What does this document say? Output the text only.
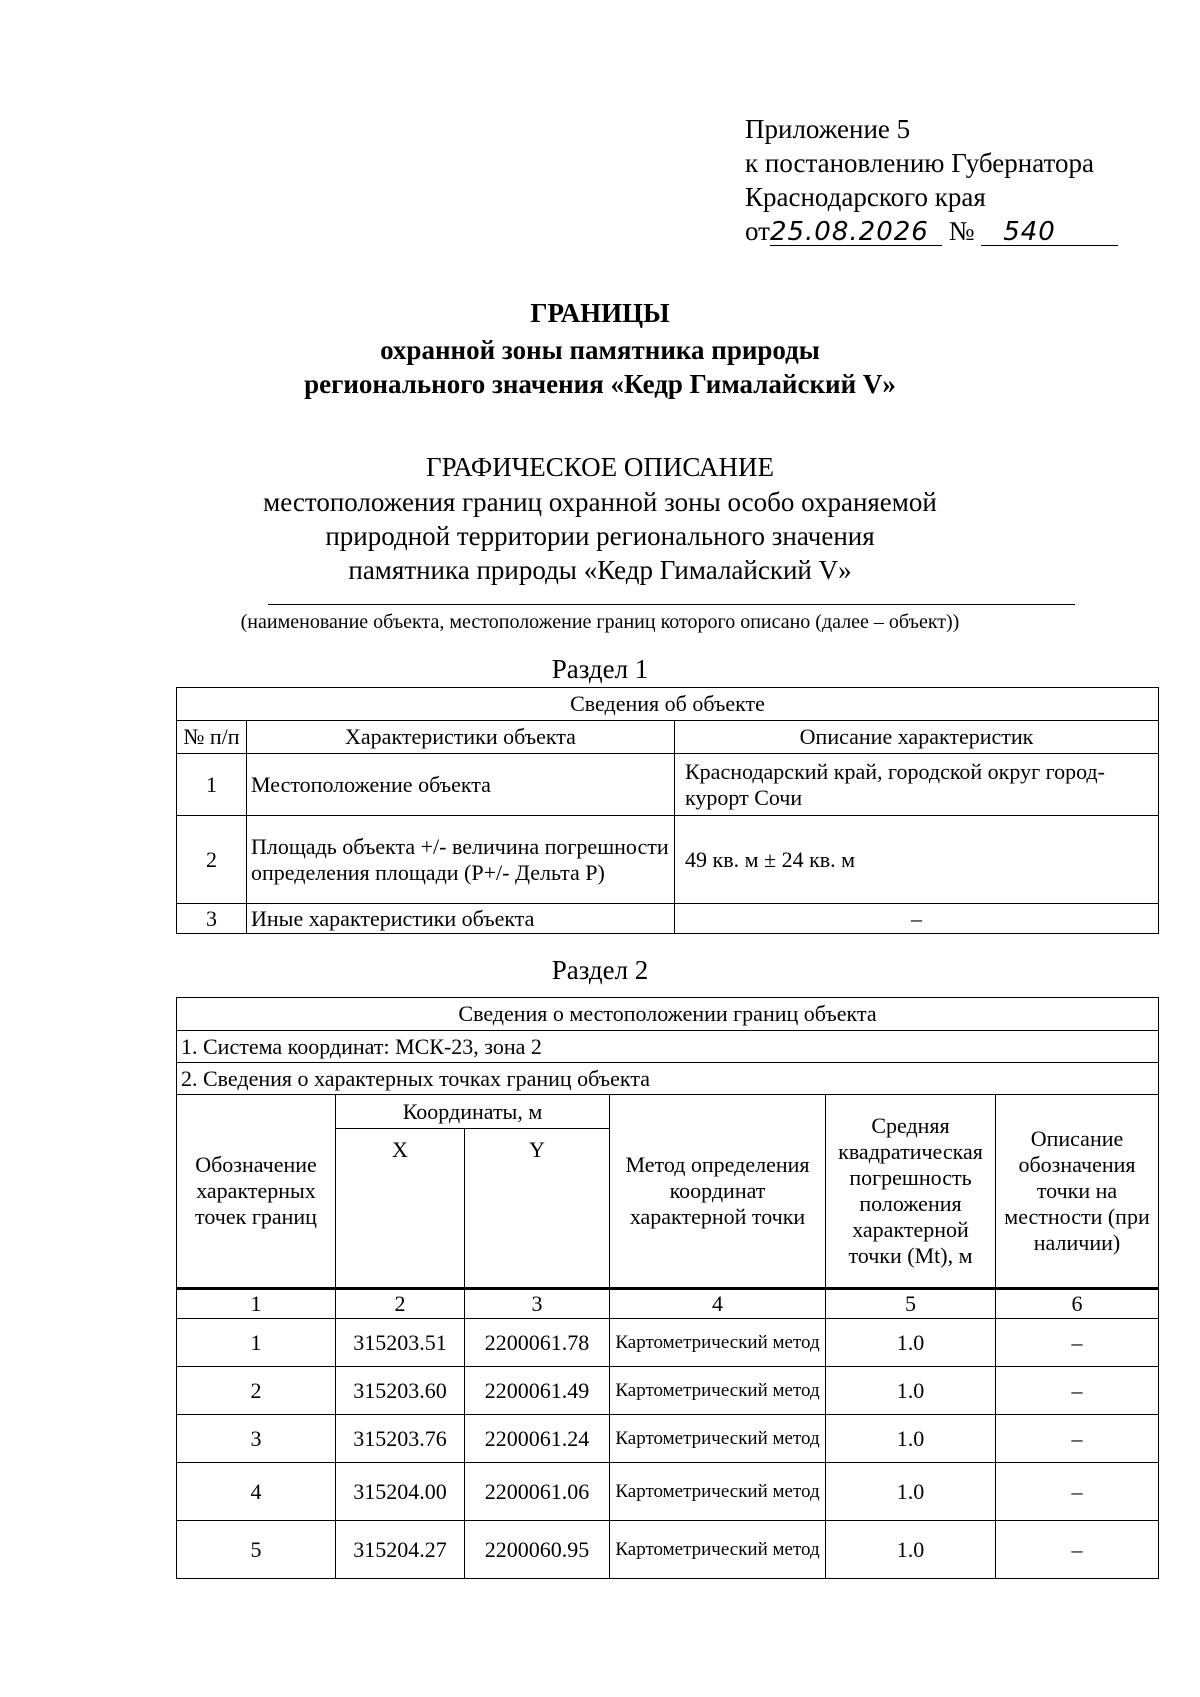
Приложение 5
к постановлению Губернатора
Краснодарского края
от25.08.2026 № 540
ГРАНИЦЫ
охранной зоны памятника природы
регионального значения «Кедр Гималайский V»
ГРАФИЧЕСКОЕ ОПИСАНИЕ
местоположения границ охранной зоны особо охраняемой
природной территории регионального значения
памятника природы «Кедр Гималайский V»
(наименование объекта, местоположение границ которого описано (далее – объект))
Раздел 1
Сведения об объекте		
№ п/п	Характеристики объекта	Описание характеристик
1	Местоположение объекта	Краснодарский край, городской округ город-курорт Сочи
2	Площадь объекта +/- величина погрешности определения площади (P+/- Дельта P)	49 кв. м ± 24 кв. м
3	Иные характеристики объекта	–
Раздел 2
Сведения о местоположении границ объекта					
1. Система координат: МСК-23, зона 2					
2. Сведения о характерных точках границ объекта					
Обозначение характерных точек границ	Координаты, м		Метод определения координат характерной точки	Средняя квадратическая погрешность положения характерной точки (Mt), м	Описание обозначения точки на местности (при наличии)
	X	Y			
1	2	3	4	5	6
1	315203.51	2200061.78	Картометрический метод	1.0	–
2	315203.60	2200061.49	Картометрический метод	1.0	–
3	315203.76	2200061.24	Картометрический метод	1.0	–
4	315204.00	2200061.06	Картометрический метод	1.0	–
5	315204.27	2200060.95	Картометрический метод	1.0	–
